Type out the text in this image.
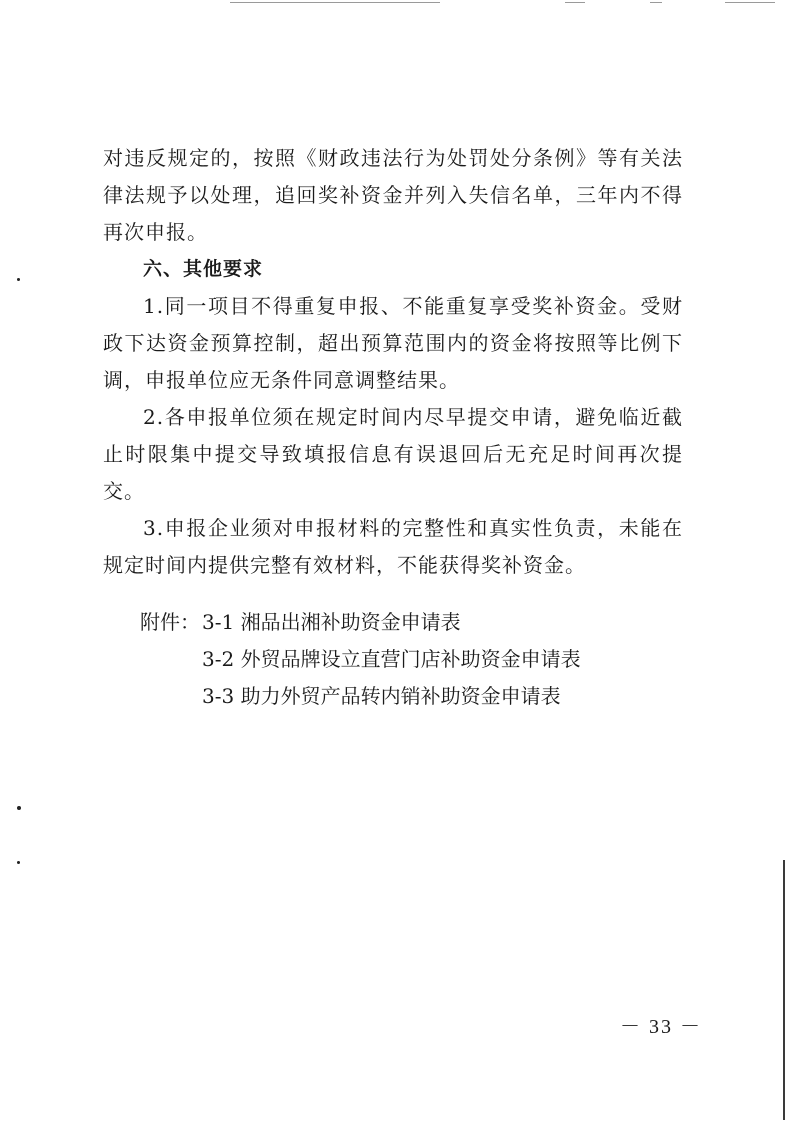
对违反规定的，按照《财政违法行为处罚处分条例》等有关法律法规予以处理，追回奖补资金并列入失信名单，三年内不得再次申报。

六、其他要求

1.同一项目不得重复申报、不能重复享受奖补资金。受财政下达资金预算控制，超出预算范围内的资金将按照等比例下调，申报单位应无条件同意调整结果。

2.各申报单位须在规定时间内尽早提交申请，避免临近截止时限集中提交导致填报信息有误退回后无充足时间再次提交。

3.申报企业须对申报材料的完整性和真实性负责，未能在规定时间内提供完整有效材料，不能获得奖补资金。

附件： 3-1 湘品出湘补助资金申请表
3-2 外贸品牌设立直营门店补助资金申请表
3-3 助力外贸产品转内销补助资金申请表
－ 33 －
